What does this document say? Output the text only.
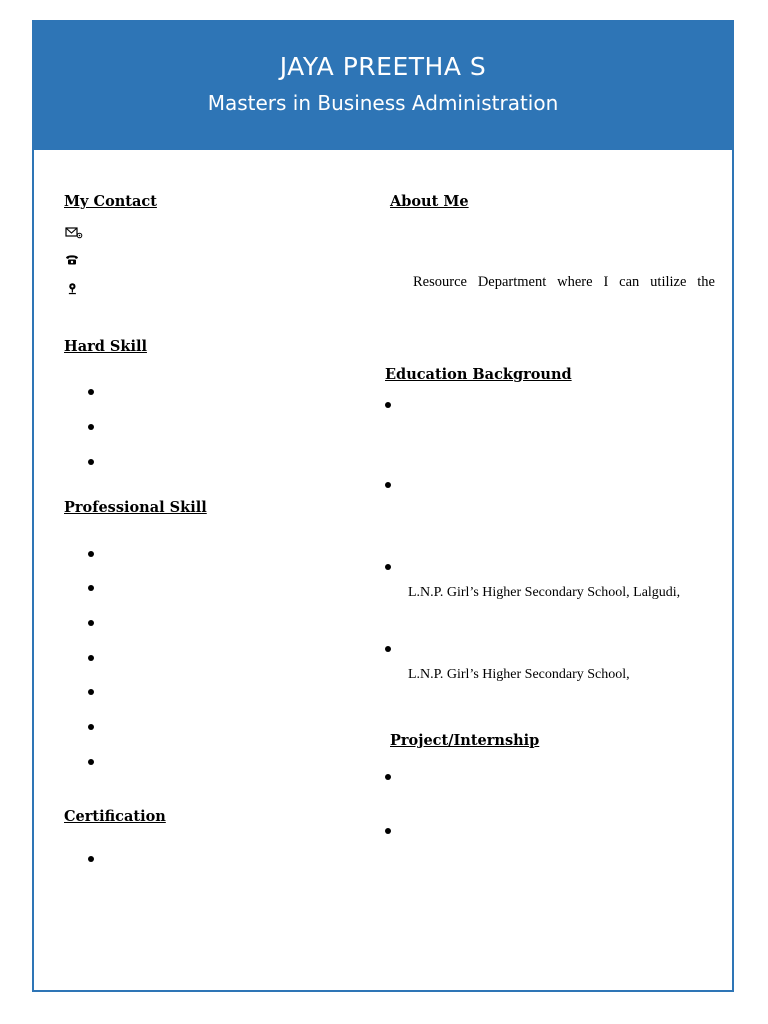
JAYA PREETHA S
Masters in Business Administration
My Contact
Hard Skill
Professional Skill
Certification
About Me
Resource Department where I can utilize the
Education Background
L.N.P. Girl’s Higher Secondary School, Lalgudi,
L.N.P. Girl’s Higher Secondary School,
Project/Internship
